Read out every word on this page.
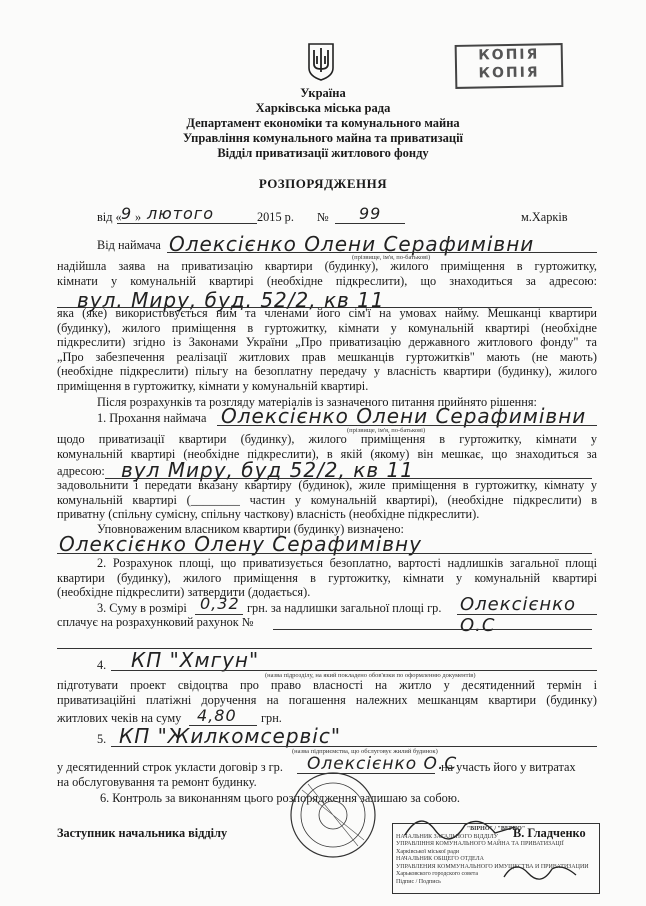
КОПІЯ
КОПІЯ
Україна
Харківська міська рада
Департамент економіки та комунального майна
Управління комунального майна та приватизації
Відділ приватизації житлового фонду
РОЗПОРЯДЖЕННЯ
від « 9 » лютого	2015 р. № 99	м.Харків
Від наймача Олексієнко Олени Серафимівни
(прізвище, ім'я, по-батькові)
надійшла заява на приватизацію квартири (будинку), жилого приміщення в гуртожитку,
кімнати у комунальній квартирі (необхідне підкреслити), що знаходиться за адресою:
вул. Миру, буд. 52/2, кв 11
яка (яке) використовується ним та членами його сім'ї на умовах найму. Мешканці квартири
(будинку), жилого приміщення в гуртожитку, кімнати у комунальній квартирі (необхідне
підкреслити) згідно із Законами України „Про приватизацію державного житлового фонду" та
„Про забезпечення реалізації житлових прав мешканців гуртожитків" мають (не мають)
(необхідне підкреслити) пільгу на безоплатну передачу у власність квартири (будинку), жилого
приміщення в гуртожитку, кімнати у комунальній квартирі.
Після розрахунків та розгляду матеріалів із зазначеного питання прийнято рішення:
1. Прохання наймача Олексієнко Олени Серафимівни
(прізвище, ім'я, по-батькові)
щодо приватизації квартири (будинку), жилого приміщення в гуртожитку, кімнати у
комунальній квартирі (необхідне підкреслити), в якій (якому) він мешкає, що знаходиться за
адресою: вул Миру, буд 52/2, кв 11
задовольнити і передати вказану квартиру (будинок), жиле приміщення в гуртожитку, кімнату у
комунальній квартирі (________ частин у комунальній квартирі), (необхідне підкреслити) в
приватну (спільну сумісну, спільну часткову) власність (необхідне підкреслити).
Уповноваженим власником квартири (будинку) визначено:
Олексієнко Олену Серафимівну
2. Розрахунок площі, що приватизується безоплатно, вартості надлишків загальної площі
квартири (будинку), жилого приміщення в гуртожитку, кімнати у комунальній квартирі
(необхідне підкреслити) затвердити (додається).
3. Суму в розмірі 0,32 грн. за надлишки загальної площі гр. Олексієнко О.С
сплачує на розрахунковий рахунок №
4. КП "Хмгун"
(назва підрозділу, на який покладено обов'язки по оформленню документів)
підготувати проект свідоцтва про право власності на житло у десятиденний термін і
приватизаційні платіжні доручення на погашення належних мешканцям квартири (будинку)
житлових чеків на суму 4,80 грн.
5. КП "Жилкомсервіс"
(назва підприємства, що обслуговує жилий будинок)
у десятиденний строк укласти договір з гр. Олексієнко О.С
на участь його у витратах
на обслуговування та ремонт будинку.
6. Контроль за виконанням цього розпорядження залишаю за собою.
Заступник начальника відділу	В. Гладченко
"ВІРНО" / "ВЕРНО"
НАЧАЛЬНИК ЗАГАЛЬНОГО ВІДДІЛУ
УПРАВЛІННЯ КОМУНАЛЬНОГО МАЙНА ТА ПРИВАТИЗАЦІЇ
Харківської міської ради
НАЧАЛЬНИК ОБЩЕГО ОТДЕЛА
УПРАВЛЕНИЯ КОММУНАЛЬНОГО ИМУЩЕСТВА И ПРИВАТИЗАЦИИ
Харьковского городского совета
Підпис / Подпись
